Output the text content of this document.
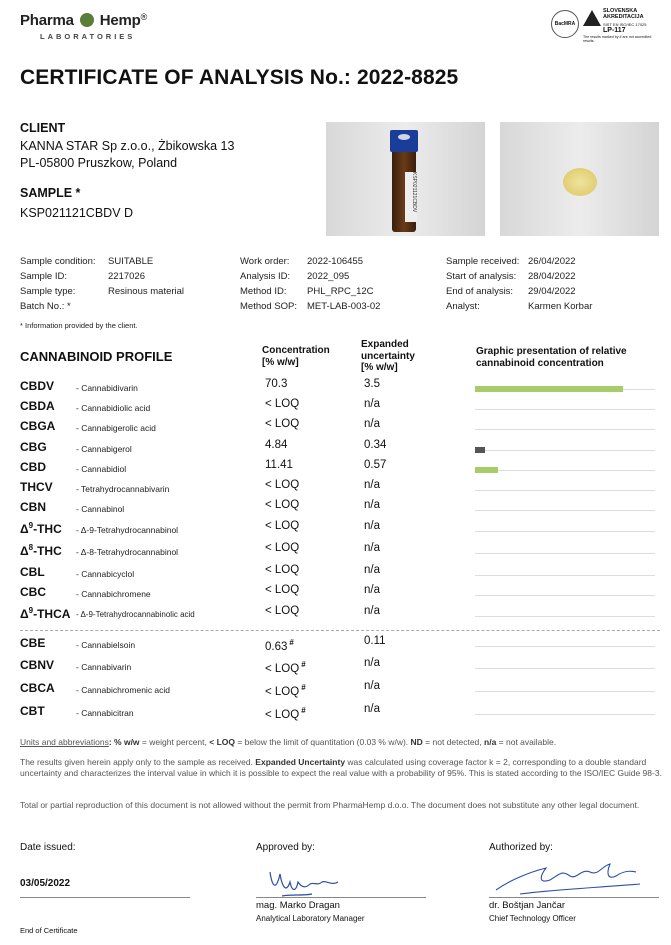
Pharma Hemp®
LABORATORIES
BacMRA
SLOVENSKA AKREDITACIJA
SIST EN ISO/IEC 17025
LP-117
The results marked by # are not accredited results.
CERTIFICATE OF ANALYSIS No.: 2022-8825
CLIENT
KANNA STAR Sp z.o.o., Żbikowska 13
PL-05800 Pruszkow, Poland
SAMPLE *
KSP021121CBDV D
KSP021121CBDV
Sample condition: SUITABLE
Sample ID:	2217026
Sample type:	Resinous material
Batch No.: *
Work order: 2022-106455
Analysis ID: 2022_095
Method ID: PHL_RPC_12C
Method SOP: MET-LAB-003-02
Sample received: 26/04/2022
Start of analysis: 28/04/2022
End of analysis: 29/04/2022
Analyst:	Karmen Korbar
* Information provided by the client.
CANNABINOID PROFILE	Concentration
[% w/w]
Expanded
uncertainty
[% w/w]
Graphic presentation of relative
cannabinoid concentration
CBDV	- Cannabidivarin	70.3	3.5
CBDA	- Cannabidiolic acid	< LOQ	n/a
CBGA - Cannabigerolic acid	< LOQ	n/a
CBG	- Cannabigerol	4.84	0.34
CBD	- Cannabidiol	11.41	0.57
THCV	- Tetrahydrocannabivarin	< LOQ	n/a
CBN	- Cannabinol	< LOQ	n/a
$\Delta^9$-THC - Δ-9-Tetrahydrocannabinol	< LOQ	n/a
$\Delta^8$-THC - Δ-8-Tetrahydrocannabinol	< LOQ	n/a
CBL	- Cannabicyclol	< LOQ	n/a
CBC	- Cannabichromene	< LOQ	n/a
$\Delta^9$-THCA - Δ-9-Tetrahydrocannabinolic acid	< LOQ	n/a
CBE	- Cannabielsoin	0.63 #	0.11
CBNV	- Cannabivarin	< LOQ #	n/a
CBCA	- Cannabichromenic acid	< LOQ #	n/a
CBT	- Cannabicitran	< LOQ #	n/a
Units and abbreviations: % w/w = weight percent, < LOQ = below the limit of quantitation (0.03 % w/w). ND = not detected, n/a = not available.
The results given herein apply only to the sample as received. Expanded Uncertainty was calculated using coverage factor k = 2, corresponding to a double standard uncertainty and characterizes the interval value in which it is possible to expect the real value with a probability of 95%. This is stated according to the ISO/IEC Guide 98-3.
Total or partial reproduction of this document is not allowed without the permit from PharmaHemp d.o.o. The document does not substitute any other legal document.
Date issued:
03/05/2022
Approved by:
mag. Marko Dragan
Analytical Laboratory Manager
Authorized by:
dr. Boštjan Jančar
Chief Technology Officer
End of Certificate
